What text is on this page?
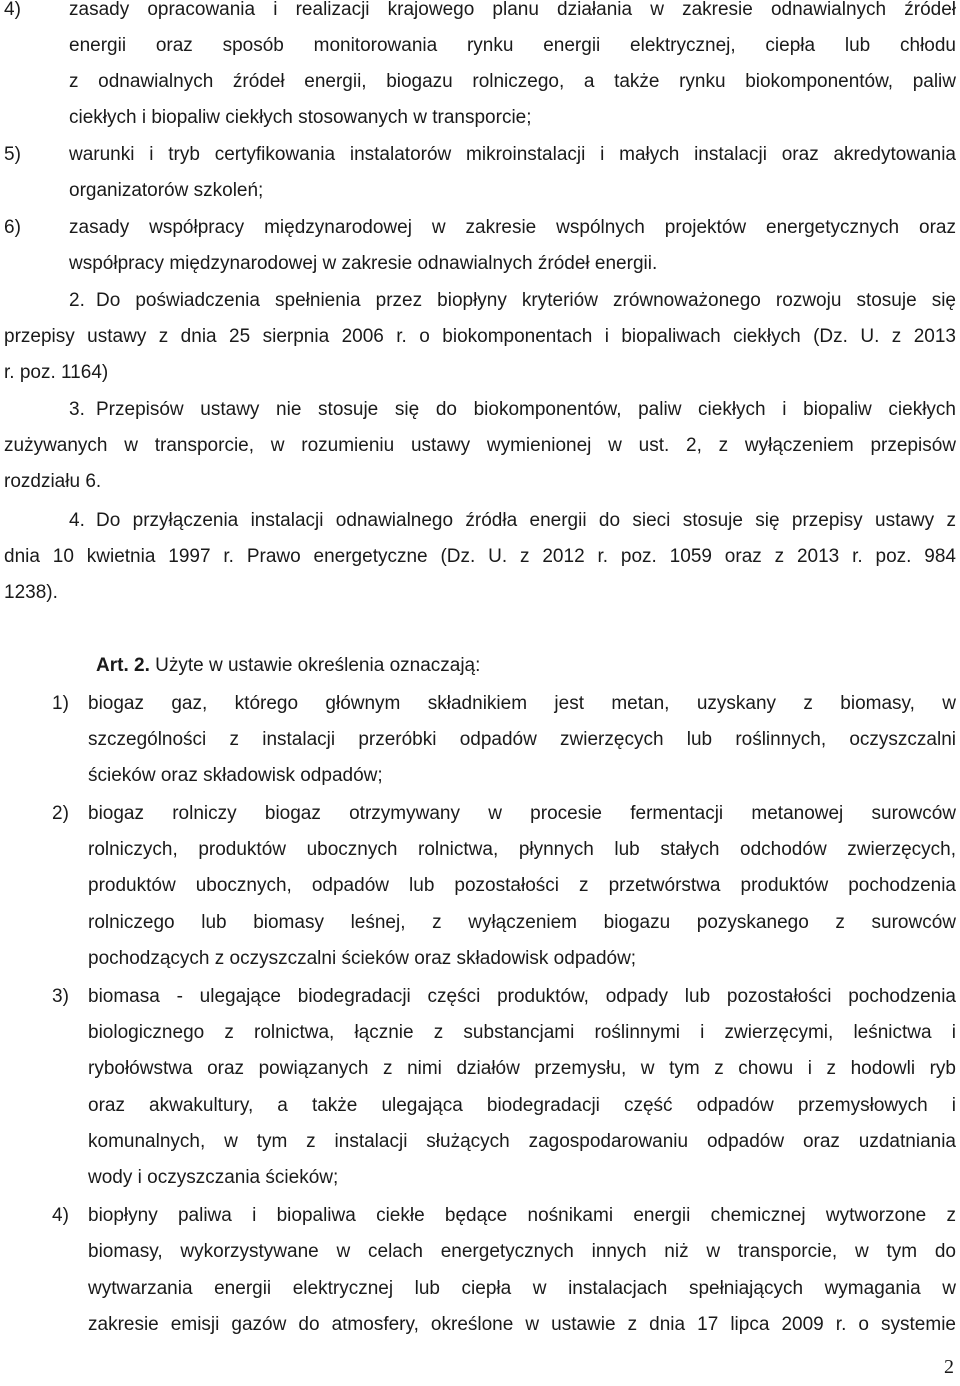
4)	zasady opracowania i realizacji krajowego planu działania w zakresie odnawialnych źródeł
energii oraz sposób monitorowania rynku energii elektrycznej, ciepła lub chłodu
z odnawialnych źródeł energii, biogazu rolniczego, a także rynku biokomponentów, paliw
ciekłych i biopaliw ciekłych stosowanych w transporcie;
5)	warunki i tryb certyfikowania instalatorów mikroinstalacji i małych instalacji oraz akredytowania
organizatorów szkoleń;
6)	zasady współpracy międzynarodowej w zakresie wspólnych projektów energetycznych oraz
współpracy międzynarodowej w zakresie odnawialnych źródeł energii.
2. Do poświadczenia spełnienia przez biopłyny kryteriów zrównoważonego rozwoju stosuje się
przepisy ustawy z dnia 25 sierpnia 2006 r. o biokomponentach i biopaliwach ciekłych (Dz. U. z 2013
r. poz. 1164)
3. Przepisów ustawy nie stosuje się do biokomponentów, paliw ciekłych i biopaliw ciekłych
zużywanych w transporcie, w rozumieniu ustawy wymienionej w ust. 2, z wyłączeniem przepisów
rozdziału 6.
4. Do przyłączenia instalacji odnawialnego źródła energii do sieci stosuje się przepisy ustawy z
dnia 10 kwietnia 1997 r. Prawo energetyczne (Dz. U. z 2012 r. poz. 1059 oraz z 2013 r. poz. 984
1238).
Art. 2. Użyte w ustawie określenia oznaczają:
1) biogaz gaz, którego głównym składnikiem jest metan, uzyskany z biomasy, w
szczególności z instalacji przeróbki odpadów zwierzęcych lub roślinnych, oczyszczalni
ścieków oraz składowisk odpadów;
2) biogaz rolniczy biogaz otrzymywany w procesie fermentacji metanowej surowców
rolniczych, produktów ubocznych rolnictwa, płynnych lub stałych odchodów zwierzęcych,
produktów ubocznych, odpadów lub pozostałości z przetwórstwa produktów pochodzenia
rolniczego lub biomasy leśnej, z wyłączeniem biogazu pozyskanego z surowców
pochodzących z oczyszczalni ścieków oraz składowisk odpadów;
3) biomasa - ulegające biodegradacji części produktów, odpady lub pozostałości pochodzenia
biologicznego z rolnictwa, łącznie z substancjami roślinnymi i zwierzęcymi, leśnictwa i
rybołówstwa oraz powiązanych z nimi działów przemysłu, w tym z chowu i z hodowli ryb
oraz akwakultury, a także ulegająca biodegradacji część odpadów przemysłowych i
komunalnych, w tym z instalacji służących zagospodarowaniu odpadów oraz uzdatniania
wody i oczyszczania ścieków;
4) biopłyny paliwa i biopaliwa ciekłe będące nośnikami energii chemicznej wytworzone z
biomasy, wykorzystywane w celach energetycznych innych niż w transporcie, w tym do
wytwarzania energii elektrycznej lub ciepła w instalacjach spełniających wymagania w
zakresie emisji gazów do atmosfery, określone w ustawie z dnia 17 lipca 2009 r. o systemie
2
